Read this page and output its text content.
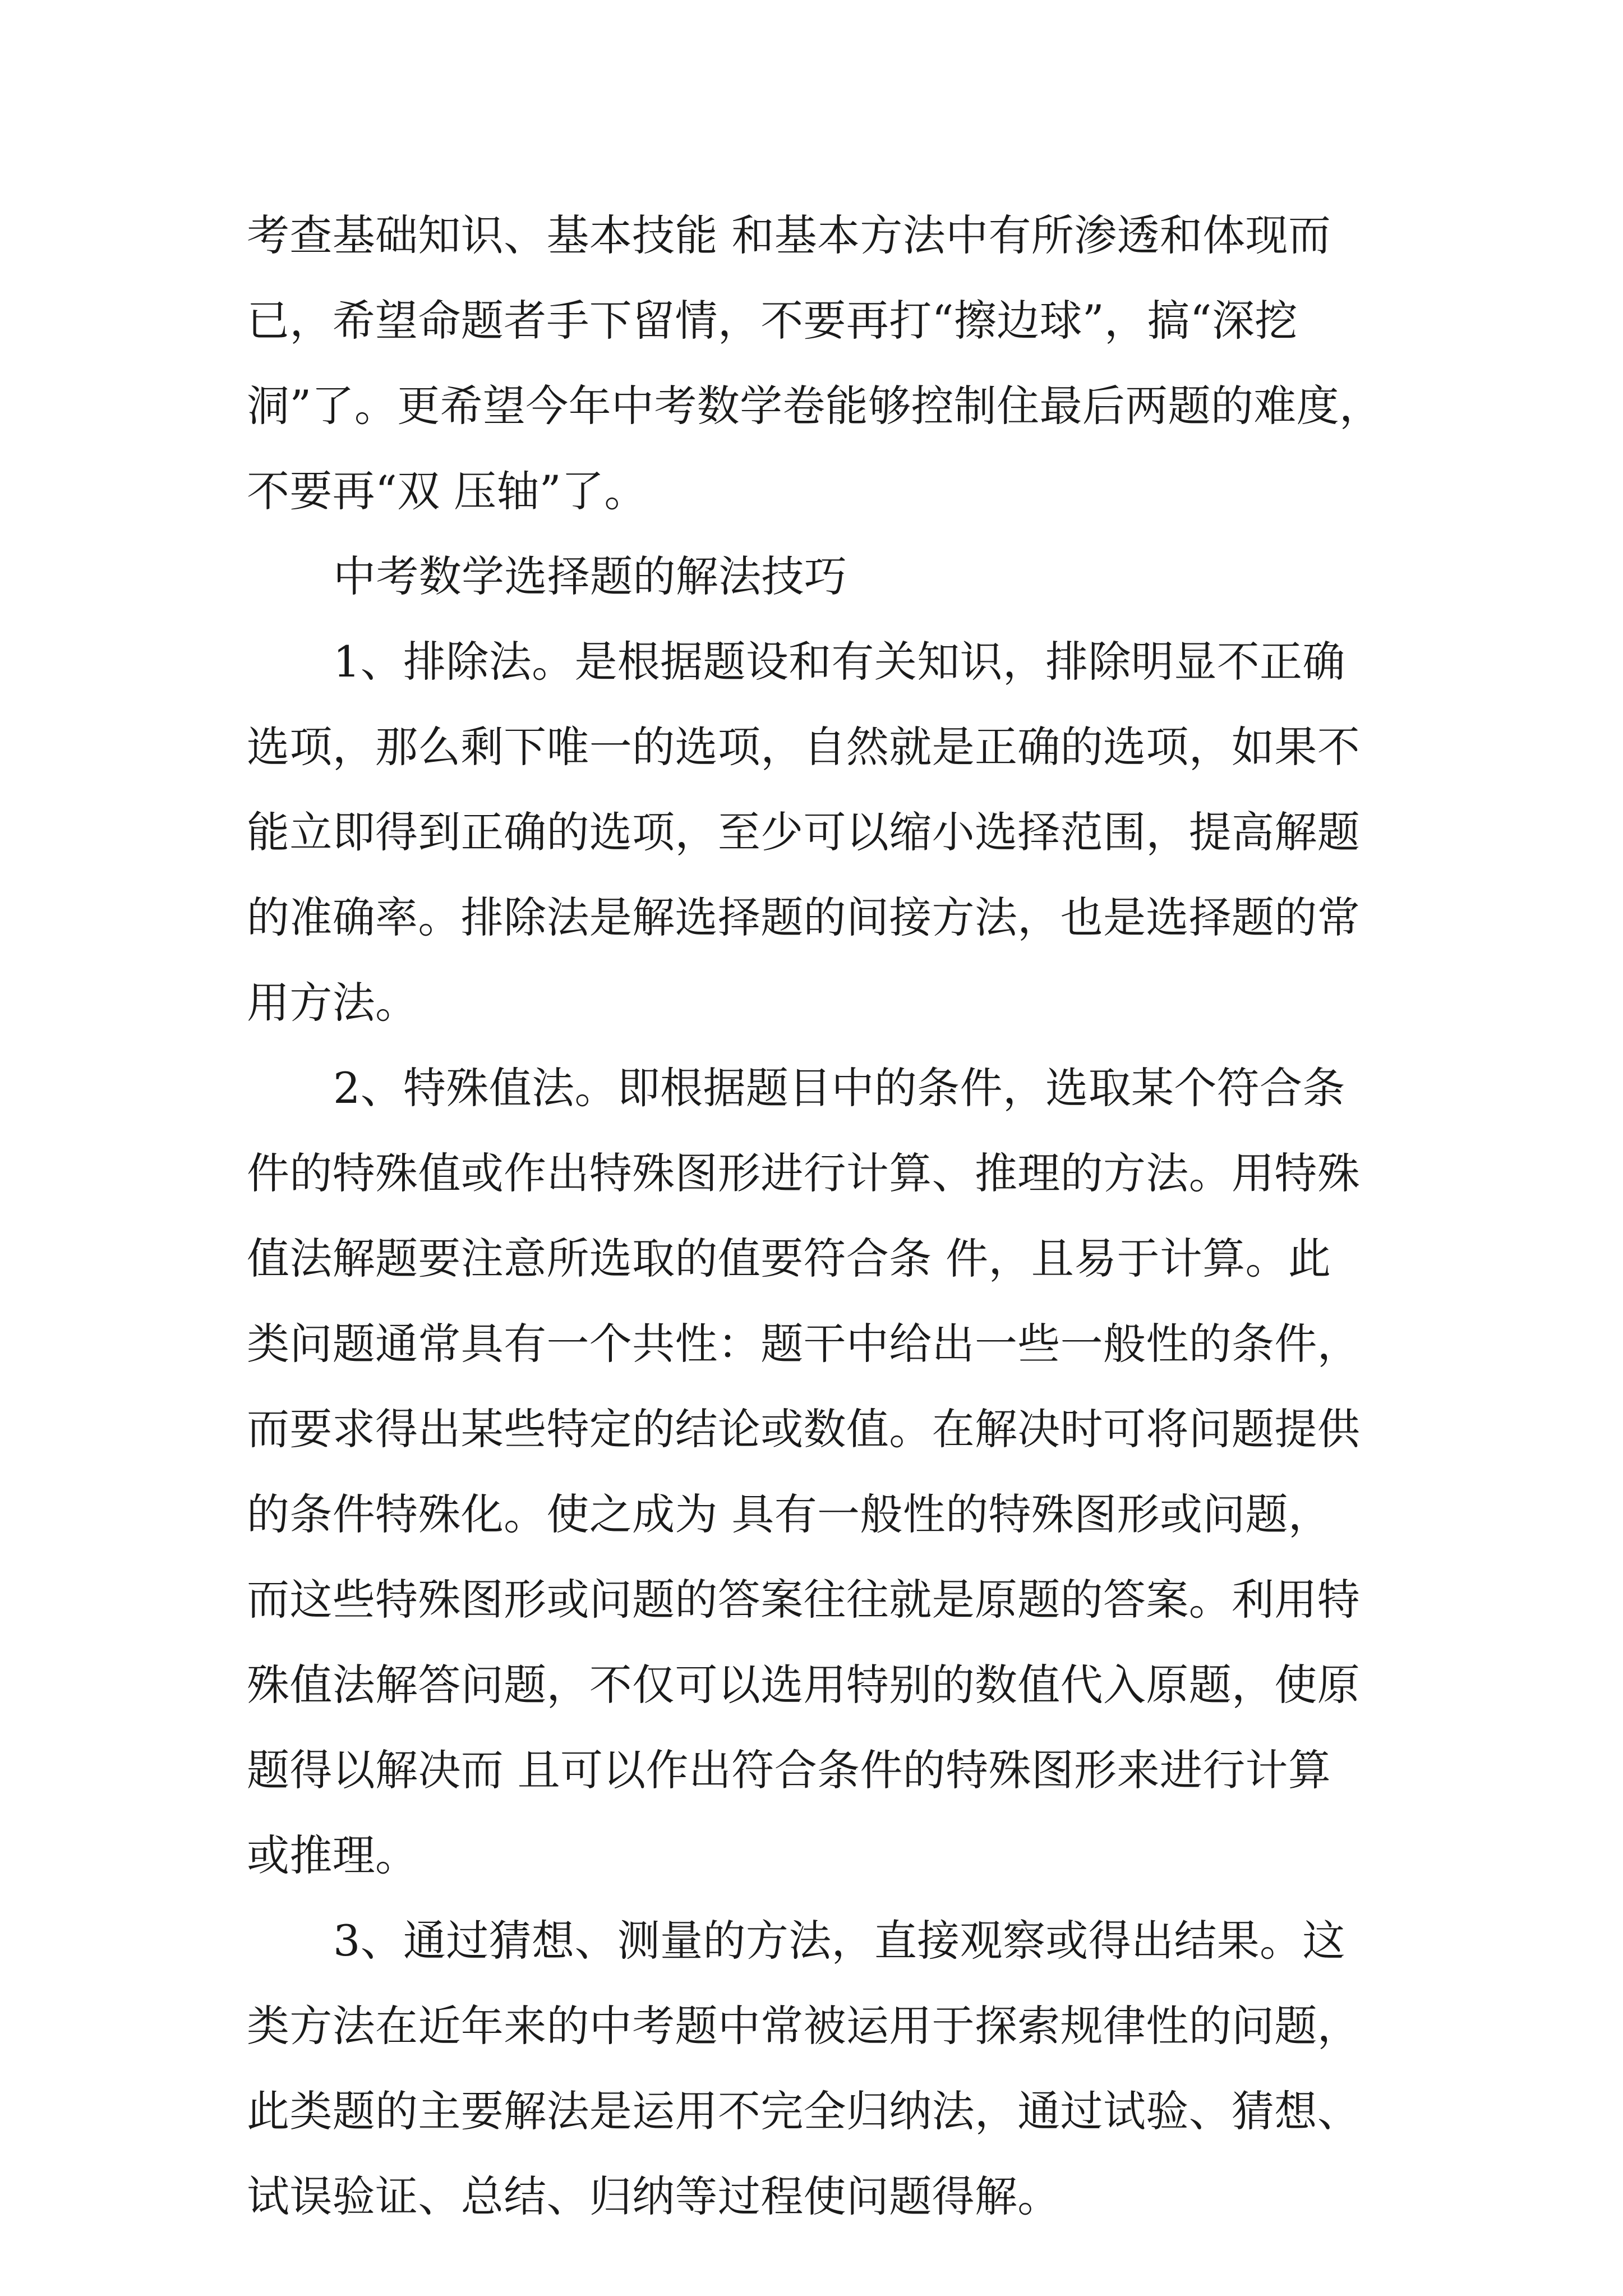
考查基础知识、基本技能 和基本方法中有所渗透和体现而
已，希望命题者手下留情，不要再打“擦边球”，搞“深挖
洞”了。更希望今年中考数学卷能够控制住最后两题的难度，
不要再“双 压轴”了。
中考数学选择题的解法技巧
1、排除法。是根据题设和有关知识，排除明显不正确
选项，那么剩下唯一的选项，自然就是正确的选项，如果不
能立即得到正确的选项，至少可以缩小选择范围，提高解题
的准确率。排除法是解选择题的间接方法，也是选择题的常
用方法。
2、特殊值法。即根据题目中的条件，选取某个符合条
件的特殊值或作出特殊图形进行计算、推理的方法。用特殊
值法解题要注意所选取的值要符合条 件，且易于计算。此
类问题通常具有一个共性：题干中给出一些一般性的条件，
而要求得出某些特定的结论或数值。在解决时可将问题提供
的条件特殊化。使之成为 具有一般性的特殊图形或问题，
而这些特殊图形或问题的答案往往就是原题的答案。利用特
殊值法解答问题，不仅可以选用特别的数值代入原题，使原
题得以解决而 且可以作出符合条件的特殊图形来进行计算
或推理。
3、通过猜想、测量的方法，直接观察或得出结果。这
类方法在近年来的中考题中常被运用于探索规律性的问题，
此类题的主要解法是运用不完全归纳法，通过试验、猜想、
试误验证、总结、归纳等过程使问题得解。
